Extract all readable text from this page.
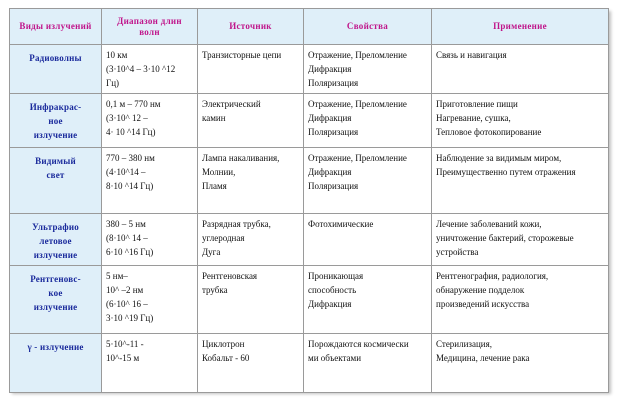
Виды излучений	Диапазон длин волн	Источник	Свойства	Применение

Радиоволны	10 км
(3·10^4 – 3·10 ^12
Гц)	Транзисторные цепи	Отражение, Преломление
Дифракция
Поляризация	Связь и навигация

Инфракрас-
ное
излучение	0,1 м – 770 нм
(3·10^ 12 –
4· 10 ^14 Гц)	Электрический
камин	Отражение, Преломление
Дифракция
Поляризация	Приготовление пищи
Нагревание, сушка,
Тепловое фотокопирование

Видимый
свет	770 – 380 нм
(4·10^14 –
8·10 ^14 Гц)	Лампа накаливания,
Молнии,
Пламя	Отражение, Преломление
Дифракция
Поляризация	Наблюдение за видимым миром,
Преимущественно путем отражения

Ультрафио
летовое
излучение	380 – 5 нм
(8·10^ 14 –
6·10 ^16 Гц)	Разрядная трубка,
углеродная
Дуга	Фотохимические	Лечение заболеваний кожи,
уничтожение бактерий, сторожевые
устройства

Рентгеновс-
кое
излучение	5 нм–
10^ –2 нм
(6·10^ 16 –
3·10 ^19 Гц)	Рентгеновская
трубка	Проникающая
способность
Дифракция	Рентгенография, радиология,
обнаружение подделок
произведений искусства

γ - излучение	5·10^-11 -
10^-15 м	Циклотрон
Кобальт - 60	Порождаются космически
ми объектами	Стерилизация,
Медицина, лечение рака
